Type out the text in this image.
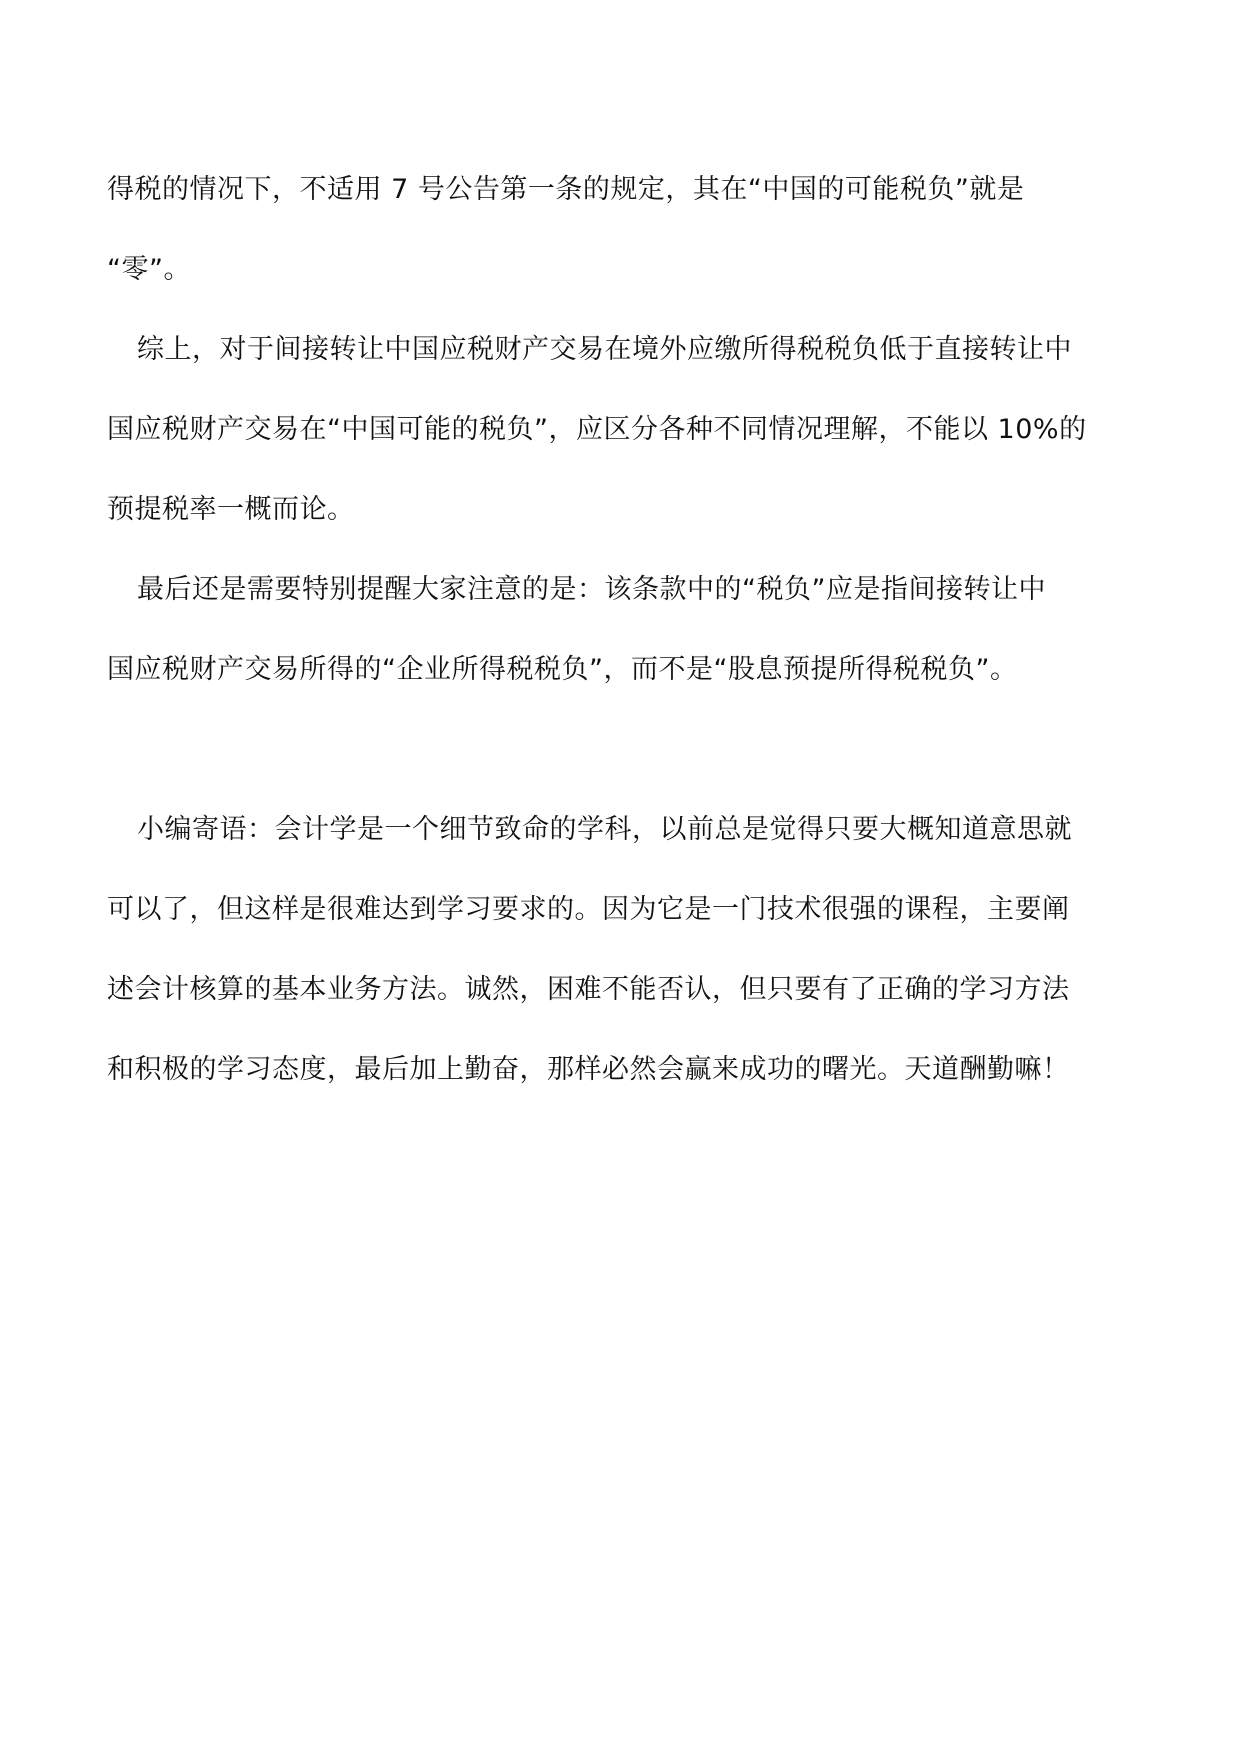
得税的情况下，不适用 7 号公告第一条的规定，其在“中国的可能税负”就是
“零”。
综上，对于间接转让中国应税财产交易在境外应缴所得税税负低于直接转让中
国应税财产交易在“中国可能的税负”，应区分各种不同情况理解，不能以 10%的
预提税率一概而论。
最后还是需要特别提醒大家注意的是：该条款中的“税负”应是指间接转让中
国应税财产交易所得的“企业所得税税负”，而不是“股息预提所得税税负”。
小编寄语：会计学是一个细节致命的学科，以前总是觉得只要大概知道意思就
可以了，但这样是很难达到学习要求的。因为它是一门技术很强的课程，主要阐
述会计核算的基本业务方法。诚然，困难不能否认，但只要有了正确的学习方法
和积极的学习态度，最后加上勤奋，那样必然会赢来成功的曙光。天道酬勤嘛！
